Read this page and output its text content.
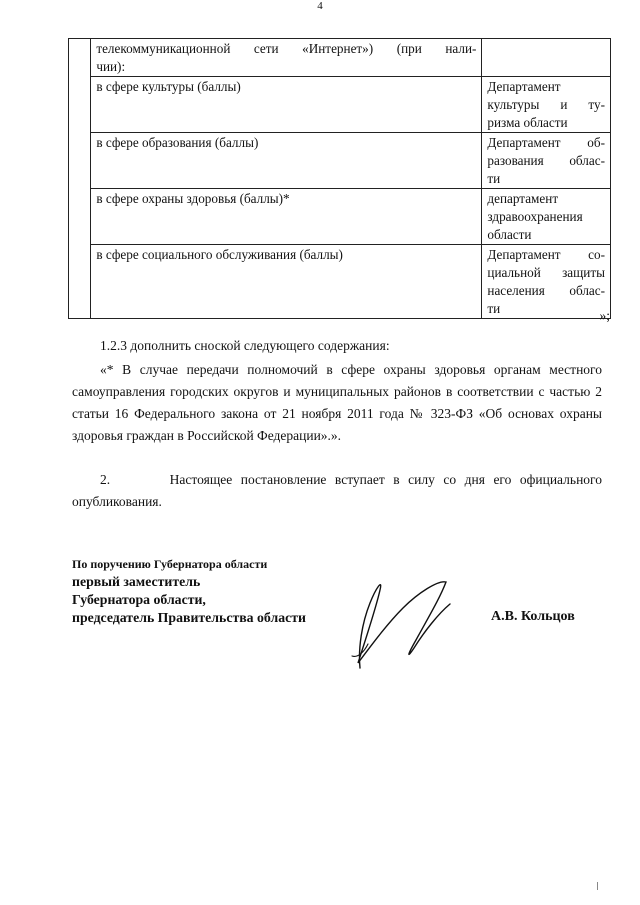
4

	телекоммуникационной сети «Интернет») (при нали-
чии):	
	в сфере культуры (баллы)	Департамент
культуры и ту-
ризма области
	в сфере образования (баллы)	Департамент об-
разования облас-
ти
	в сфере охраны здоровья (баллы)*	департамент
здравоохранения
области

	в сфере социального обслуживания (баллы)	Департамент со-
циальной защиты
населения облас-
ти	»;

1.2.3 дополнить сноской следующего содержания:

«* В случае передачи полномочий в сфере охраны здоровья органам местного самоуправления городских округов и муниципальных районов в соответствии с частью 2 статьи 16 Федерального закона от 21 ноября 2011 года № 323-ФЗ «Об основах охраны здоровья граждан в Российской Федерации».».

2.	Настоящее постановление вступает в силу со дня его официального опубликования.

По поручению Губернатора области
первый заместитель
Губернатора области,
председатель Правительства области	А.В. Кольцов
